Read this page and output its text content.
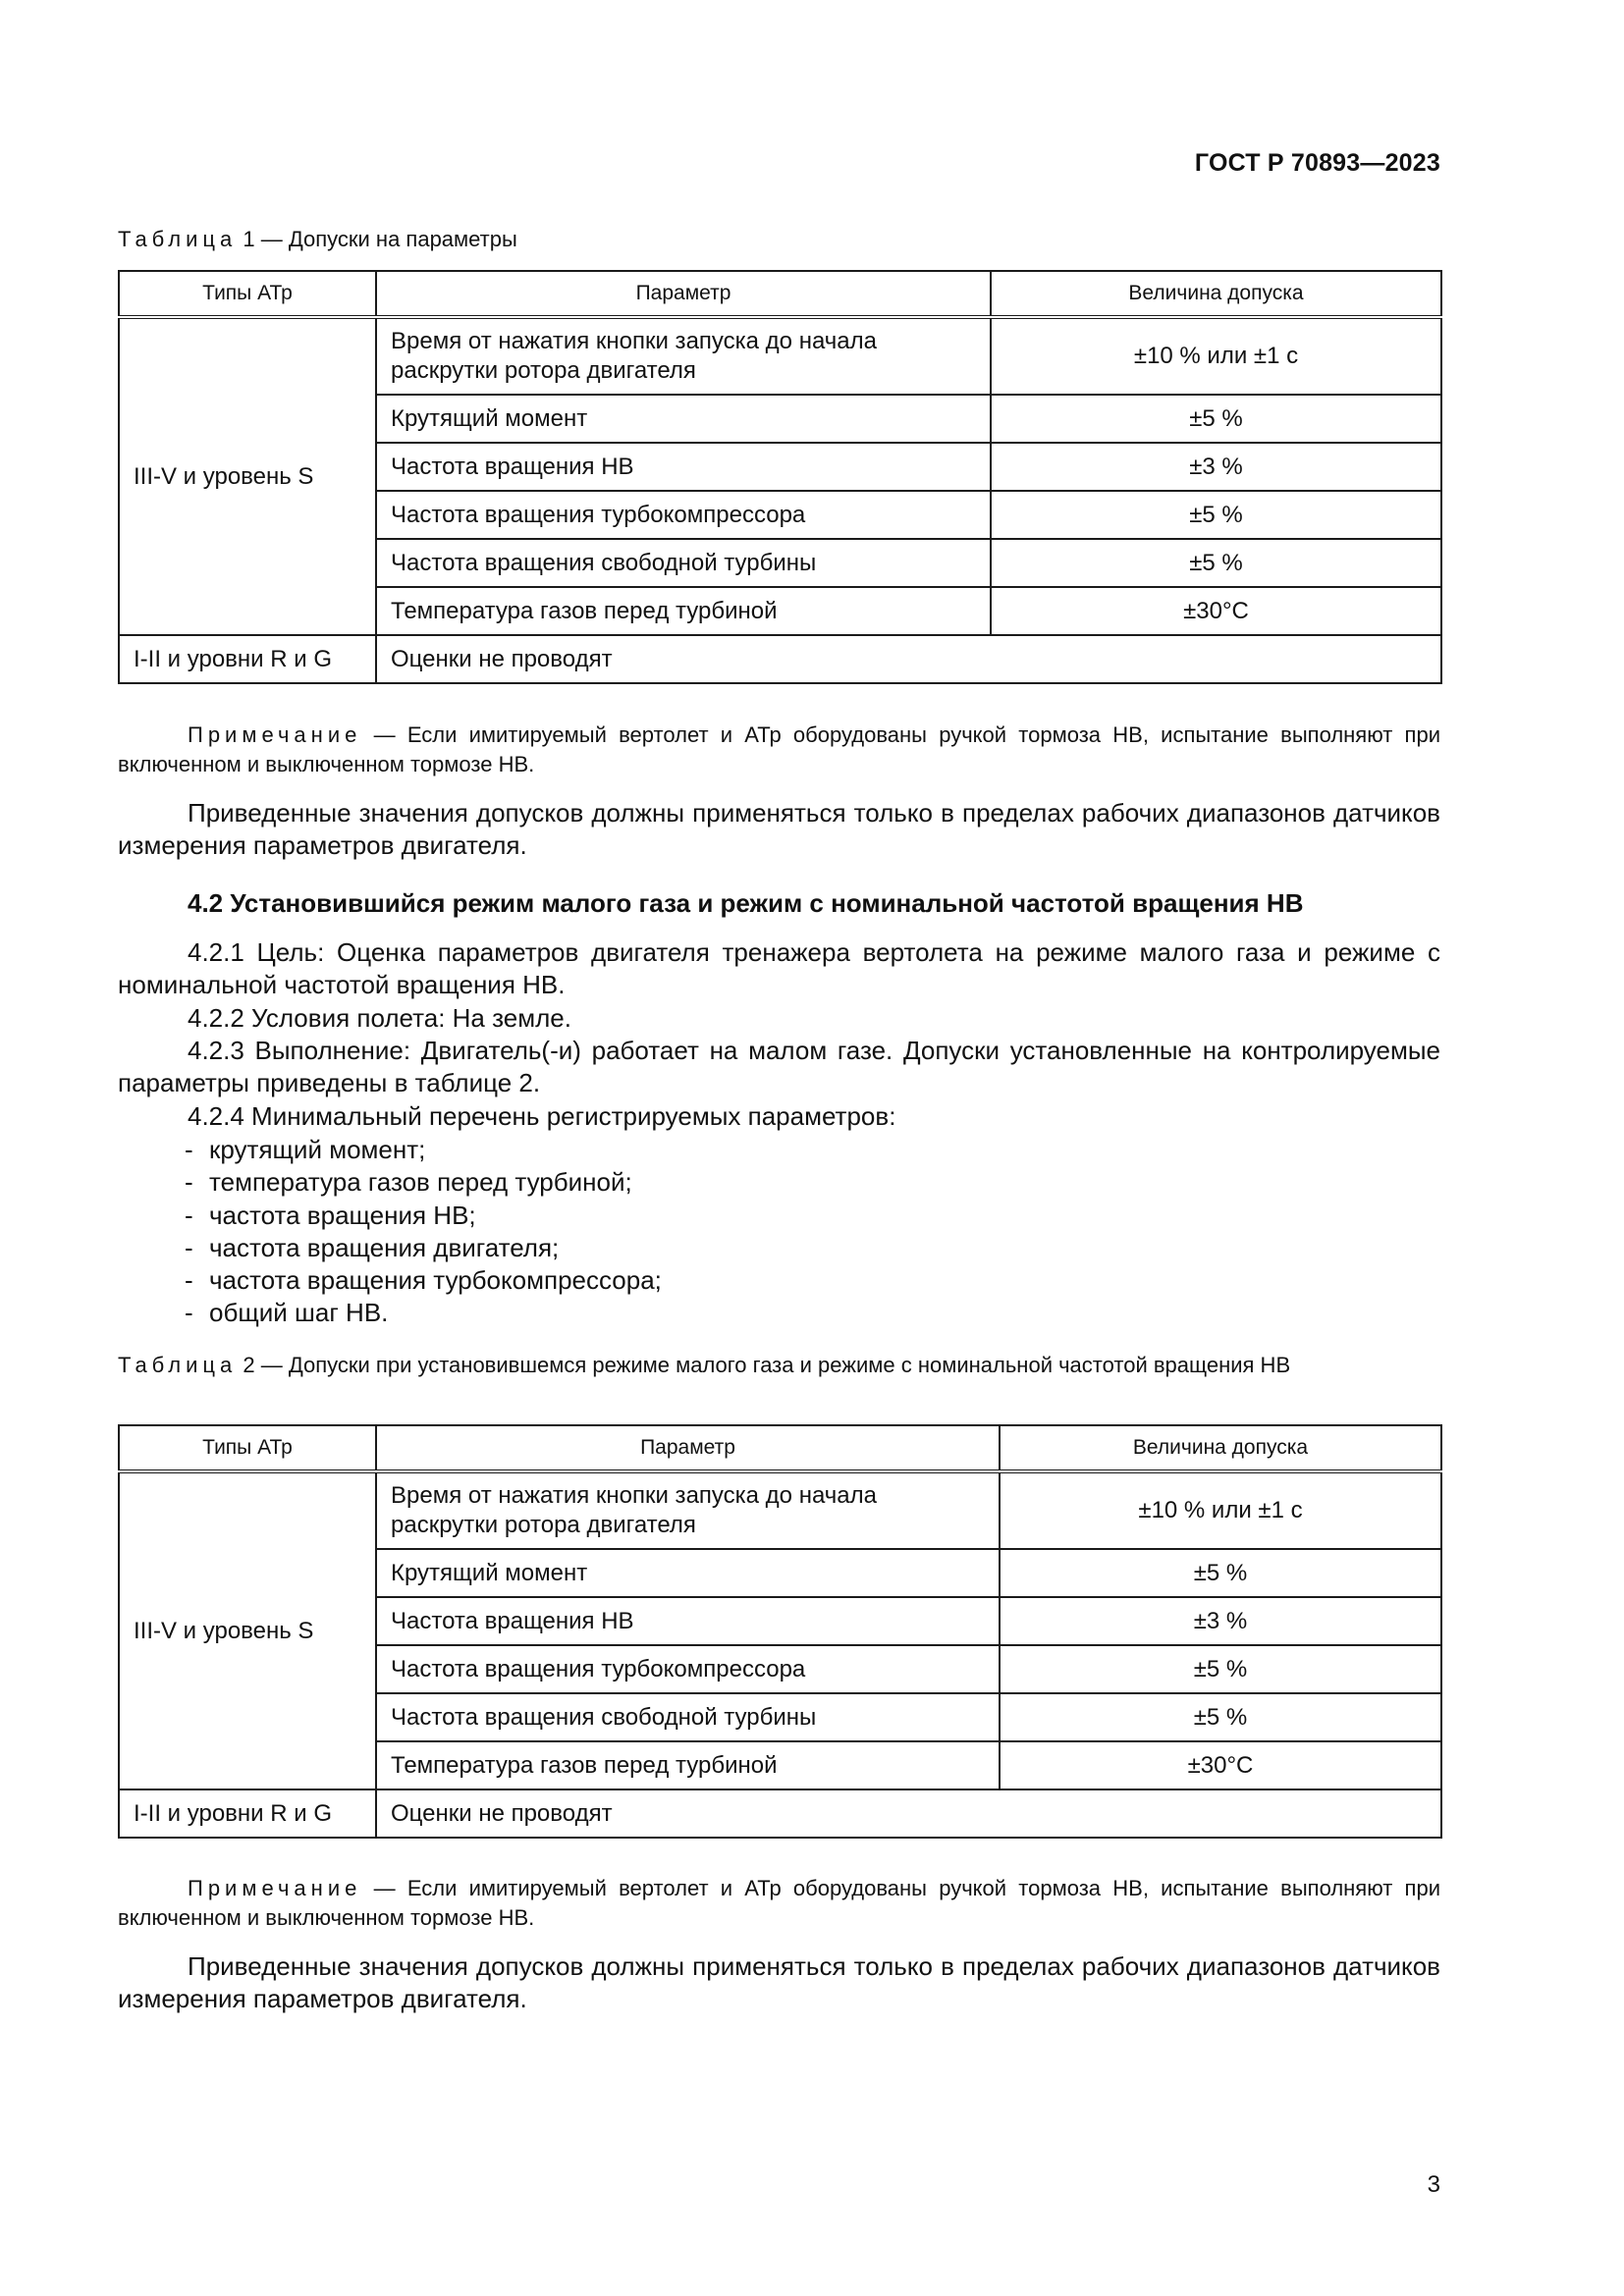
ГОСТ Р 70893—2023
Таблица 1 — Допуски на параметры
Типы АТр	Параметр	Величина допуска
III-V и уровень S	Время от нажатия кнопки запуска до начала раскрутки ротора двигателя	±10 % или ±1 с
	Крутящий момент	±5 %
	Частота вращения НВ	±3 %
	Частота вращения турбокомпрессора	±5 %
	Частота вращения свободной турбины	±5 %
	Температура газов перед турбиной	±30°С
I-II и уровни R и G	Оценки не проводят	
Примечание — Если имитируемый вертолет и АТр оборудованы ручкой тормоза НВ, испытание выполняют при включенном и выключенном тормозе НВ.
Приведенные значения допусков должны применяться только в пределах рабочих диапазонов датчиков измерения параметров двигателя.
4.2 Установившийся режим малого газа и режим с номинальной частотой вращения НВ
4.2.1 Цель: Оценка параметров двигателя тренажера вертолета на режиме малого газа и режиме с номинальной частотой вращения НВ.
4.2.2 Условия полета: На земле.
4.2.3 Выполнение: Двигатель(-и) работает на малом газе. Допуски установленные на контролируемые параметры приведены в таблице 2.
4.2.4 Минимальный перечень регистрируемых параметров:
- крутящий момент;
- температура газов перед турбиной;
- частота вращения НВ;
- частота вращения двигателя;
- частота вращения турбокомпрессора;
- общий шаг НВ.
Таблица 2 — Допуски при установившемся режиме малого газа и режиме с номинальной частотой вращения НВ
Типы АТр	Параметр	Величина допуска
III-V и уровень S	Время от нажатия кнопки запуска до начала раскрутки ротора двигателя	±10 % или ±1 с
	Крутящий момент	±5 %
	Частота вращения НВ	±3 %
	Частота вращения турбокомпрессора	±5 %
	Частота вращения свободной турбины	±5 %
	Температура газов перед турбиной	±30°С
I-II и уровни R и G	Оценки не проводят	
Примечание — Если имитируемый вертолет и АТр оборудованы ручкой тормоза НВ, испытание выполняют при включенном и выключенном тормозе НВ.
Приведенные значения допусков должны применяться только в пределах рабочих диапазонов датчиков измерения параметров двигателя.
3
